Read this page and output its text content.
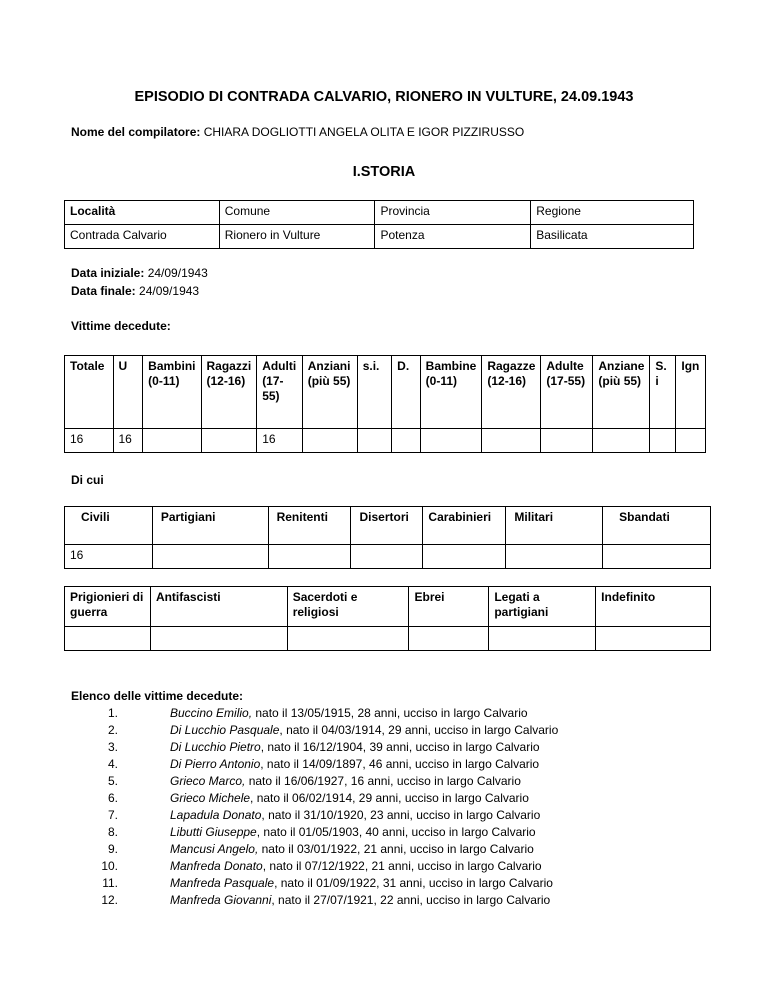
EPISODIO DI CONTRADA CALVARIO, RIONERO IN VULTURE, 24.09.1943
Nome del compilatore: CHIARA DOGLIOTTI ANGELA OLITA E IGOR PIZZIRUSSO
I.STORIA
Località	Comune	Provincia	Regione
Contrada Calvario	Rionero in Vulture	Potenza	Basilicata
Data iniziale: 24/09/1943
Data finale: 24/09/1943
Vittime decedute:
Totale	U	Bambini (0-11)	Ragazzi (12-16)	Adulti (17-55)	Anziani (più 55)	s.i.	D.	Bambine (0-11)	Ragazze (12-16)	Adulte (17-55)	Anziane (più 55)	S. i	Ign
16	16			16									
Di cui
Civili	Partigiani	Renitenti	Disertori	Carabinieri	Militari	Sbandati
16						
Prigionieri di guerra	Antifascisti	Sacerdoti e religiosi	Ebrei	Legati a partigiani	Indefinito

Elenco delle vittime decedute:
1.	Buccino Emilio, nato il 13/05/1915, 28 anni, ucciso in largo Calvario
2.	Di Lucchio Pasquale, nato il 04/03/1914, 29 anni, ucciso in largo Calvario
3.	Di Lucchio Pietro, nato il 16/12/1904, 39 anni, ucciso in largo Calvario
4.	Di Pierro Antonio, nato il 14/09/1897, 46 anni, ucciso in largo Calvario
5.	Grieco Marco, nato il 16/06/1927, 16 anni, ucciso in largo Calvario
6.	Grieco Michele, nato il 06/02/1914, 29 anni, ucciso in largo Calvario
7.	Lapadula Donato, nato il 31/10/1920, 23 anni, ucciso in largo Calvario
8.	Libutti Giuseppe, nato il 01/05/1903, 40 anni, ucciso in largo Calvario
9.	Mancusi Angelo, nato il 03/01/1922, 21 anni, ucciso in largo Calvario
10.	Manfreda Donato, nato il 07/12/1922, 21 anni, ucciso in largo Calvario
11.	Manfreda Pasquale, nato il 01/09/1922, 31 anni, ucciso in largo Calvario
12.	Manfreda Giovanni, nato il 27/07/1921, 22 anni, ucciso in largo Calvario
